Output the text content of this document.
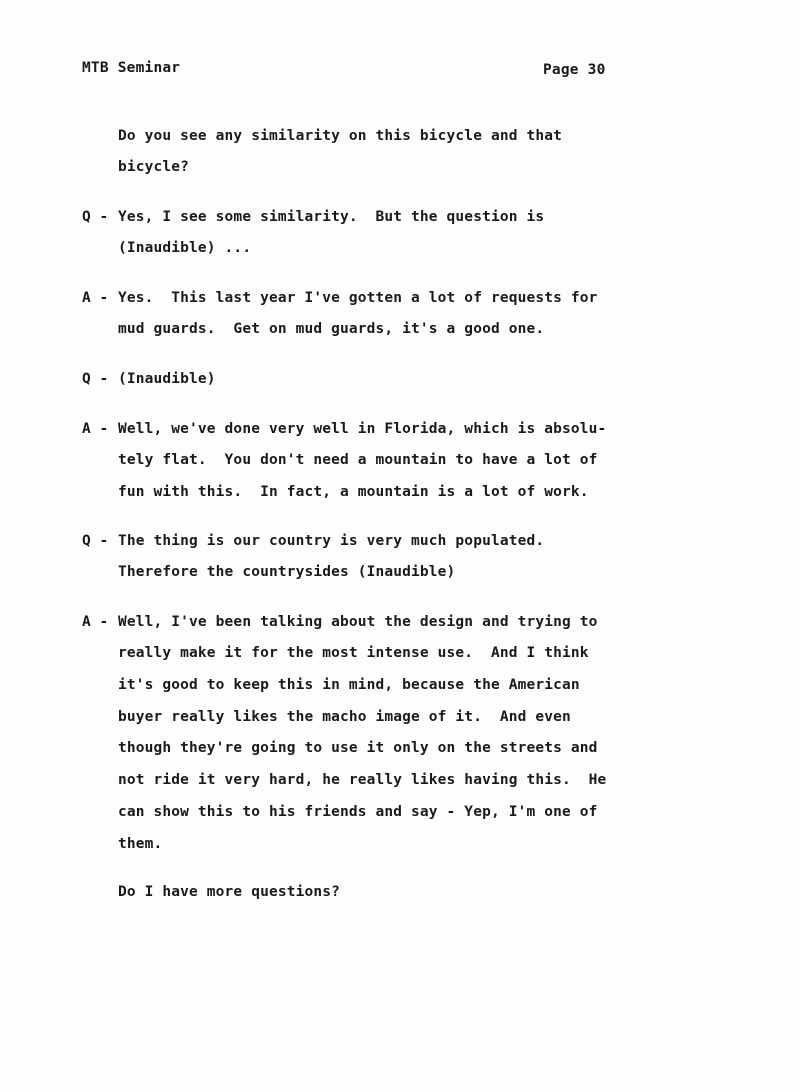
MTB Seminar	Page 30
Do you see any similarity on this bicycle and that
bicycle?
Q - Yes, I see some similarity.  But the question is
(Inaudible) ...
A - Yes.  This last year I've gotten a lot of requests for
mud guards.  Get on mud guards, it's a good one.
Q - (Inaudible)
A - Well, we've done very well in Florida, which is absolu-
tely flat.  You don't need a mountain to have a lot of
fun with this.  In fact, a mountain is a lot of work.
Q - The thing is our country is very much populated.
Therefore the countrysides (Inaudible)
A - Well, I've been talking about the design and trying to
really make it for the most intense use.  And I think
it's good to keep this in mind, because the American
buyer really likes the macho image of it.  And even
though they're going to use it only on the streets and
not ride it very hard, he really likes having this.  He
can show this to his friends and say - Yep, I'm one of
them.
Do I have more questions?
